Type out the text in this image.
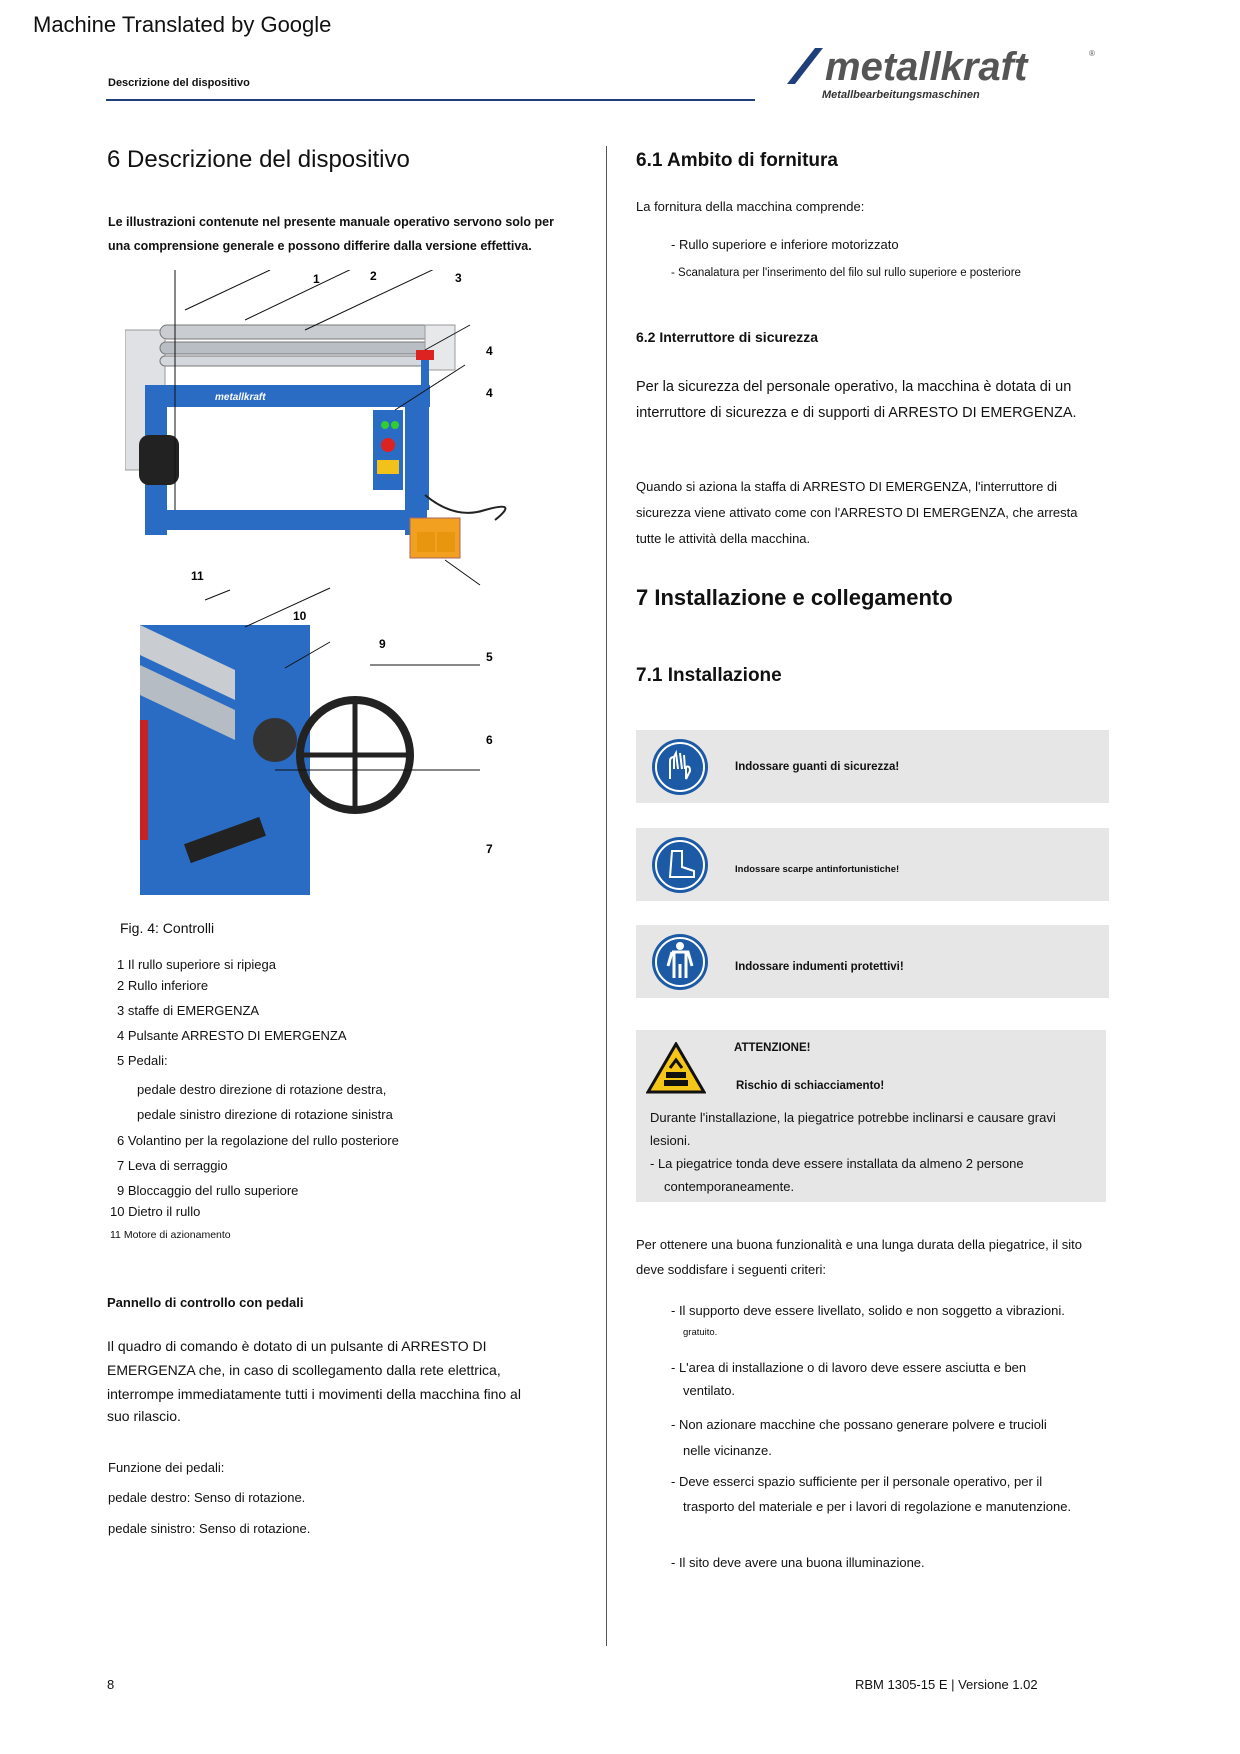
Machine Translated by Google
Descrizione del dispositivo	metallkraft	®
Metallbearbeitungsmaschinen
6 Descrizione del dispositivo
Le illustrazioni contenute nel presente manuale operativo servono solo per
una comprensione generale e possono differire dalla versione effettiva.
metallkraft
1	2	3
4
4
11
10
9
5
6
7
Fig. 4: Controlli
1 Il rullo superiore si ripiega
2 Rullo inferiore
3 staffe di EMERGENZA
4 Pulsante ARRESTO DI EMERGENZA
5 Pedali:
pedale destro direzione di rotazione destra,
pedale sinistro direzione di rotazione sinistra
6 Volantino per la regolazione del rullo posteriore
7 Leva di serraggio
9 Bloccaggio del rullo superiore
10 Dietro il rullo
11 Motore di azionamento
Pannello di controllo con pedali
Il quadro di comando è dotato di un pulsante di ARRESTO DI
EMERGENZA che, in caso di scollegamento dalla rete elettrica,
interrompe immediatamente tutti i movimenti della macchina fino al
suo rilascio.
Funzione dei pedali:
pedale destro: Senso di rotazione.
pedale sinistro: Senso di rotazione.
6.1 Ambito di fornitura
La fornitura della macchina comprende:
- Rullo superiore e inferiore motorizzato
- Scanalatura per l'inserimento del filo sul rullo superiore e posteriore
6.2 Interruttore di sicurezza
Per la sicurezza del personale operativo, la macchina è dotata di un
interruttore di sicurezza e di supporti di ARRESTO DI EMERGENZA.
Quando si aziona la staffa di ARRESTO DI EMERGENZA, l'interruttore di
sicurezza viene attivato come con l'ARRESTO DI EMERGENZA, che arresta
tutte le attività della macchina.
7 Installazione e collegamento
7.1 Installazione
Indossare guanti di sicurezza!
Indossare scarpe antinfortunistiche!
Indossare indumenti protettivi!
ATTENZIONE!
Rischio di schiacciamento!
Durante l'installazione, la piegatrice potrebbe inclinarsi e causare gravi
lesioni.
- La piegatrice tonda deve essere installata da almeno 2 persone
contemporaneamente.
Per ottenere una buona funzionalità e una lunga durata della piegatrice, il sito
deve soddisfare i seguenti criteri:
- Il supporto deve essere livellato, solido e non soggetto a vibrazioni.
gratuito.
- L'area di installazione o di lavoro deve essere asciutta e ben
ventilato.
- Non azionare macchine che possano generare polvere e trucioli
nelle vicinanze.
- Deve esserci spazio sufficiente per il personale operativo, per il
trasporto del materiale e per i lavori di regolazione e manutenzione.
- Il sito deve avere una buona illuminazione.
8	RBM 1305-15 E | Versione 1.02
